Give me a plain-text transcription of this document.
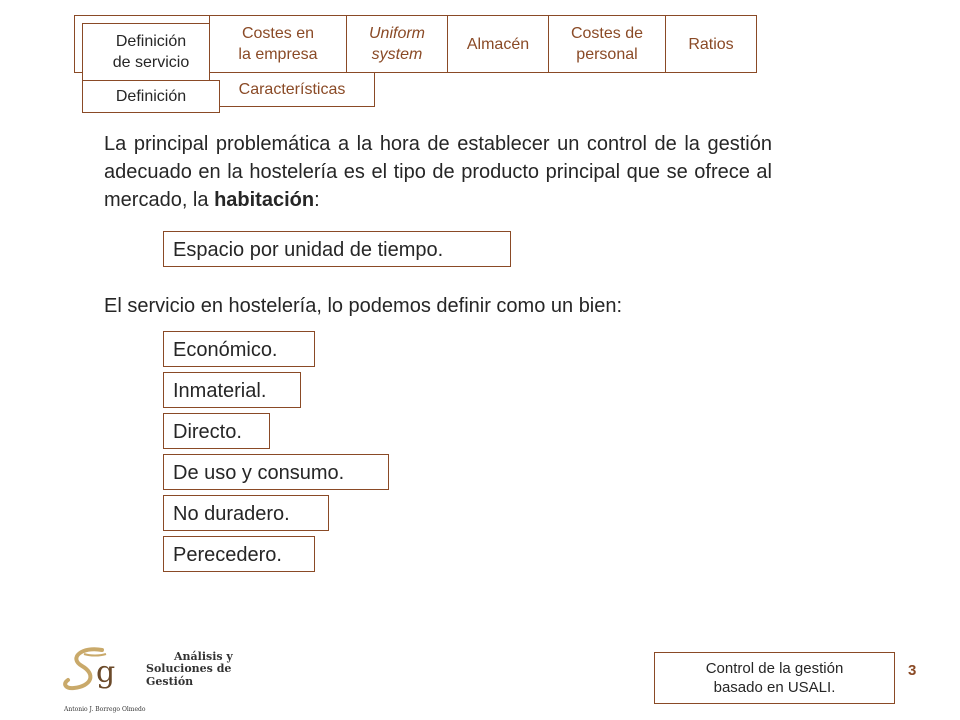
Definición
de servicio
Costes en
la empresa
Uniform
system
Almacén
Costes de
personal
Ratios
Características
Definición
La principal problemática a la hora de establecer un control de la gestión adecuado en la hostelería es el tipo de producto principal que se ofrece al mercado, la habitación:
Espacio por unidad de tiempo.
El servicio en hostelería, lo podemos definir como un bien:
Económico.
Inmaterial.
Directo.
De uso y consumo.
No duradero.
Perecedero.
g	Análisis y
Soluciones de Gestión
Antonio J. Borrego Olmedo
Control de la gestión
basado en USALI.
3
